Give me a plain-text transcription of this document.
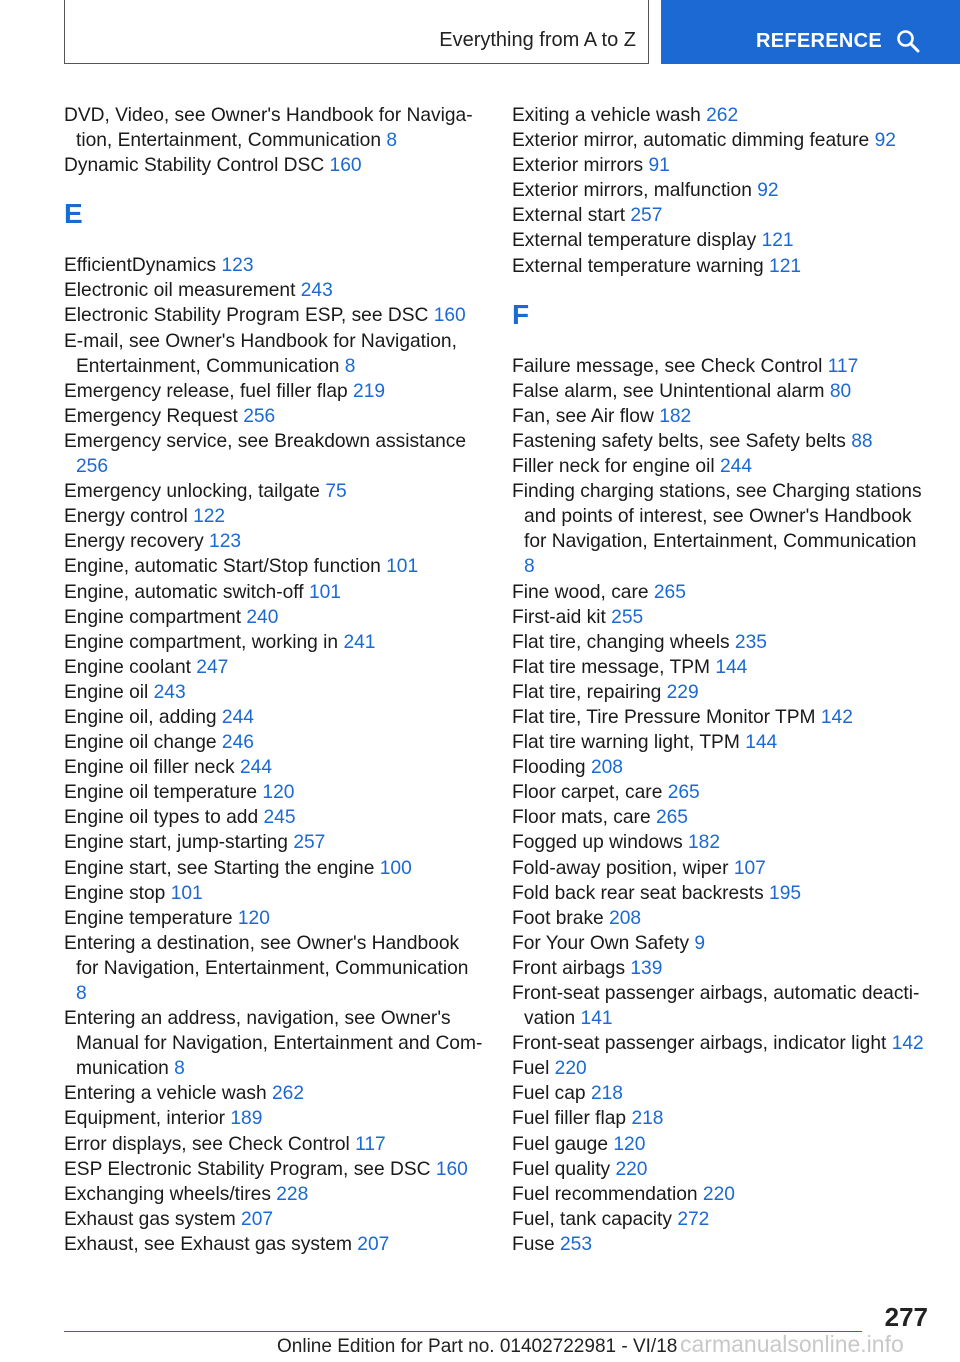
Everything from A to Z	REFERENCE
DVD, Video, see Owner's Handbook for Navigation, Entertainment, Communication 8
Dynamic Stability Control DSC 160
E
EfficientDynamics 123
Electronic oil measurement 243
Electronic Stability Program ESP, see DSC 160
E-mail, see Owner's Handbook for Navigation, Entertainment, Communication 8
Emergency release, fuel filler flap 219
Emergency Request 256
Emergency service, see Breakdown assistance 256
Emergency unlocking, tailgate 75
Energy control 122
Energy recovery 123
Engine, automatic Start/Stop function 101
Engine, automatic switch-off 101
Engine compartment 240
Engine compartment, working in 241
Engine coolant 247
Engine oil 243
Engine oil, adding 244
Engine oil change 246
Engine oil filler neck 244
Engine oil temperature 120
Engine oil types to add 245
Engine start, jump-starting 257
Engine start, see Starting the engine 100
Engine stop 101
Engine temperature 120
Entering a destination, see Owner's Handbook for Navigation, Entertainment, Communication 8
Entering an address, navigation, see Owner's Manual for Navigation, Entertainment and Communication 8
Entering a vehicle wash 262
Equipment, interior 189
Error displays, see Check Control 117
ESP Electronic Stability Program, see DSC 160
Exchanging wheels/tires 228
Exhaust gas system 207
Exhaust, see Exhaust gas system 207
Exiting a vehicle wash 262
Exterior mirror, automatic dimming feature 92
Exterior mirrors 91
Exterior mirrors, malfunction 92
External start 257
External temperature display 121
External temperature warning 121
F
Failure message, see Check Control 117
False alarm, see Unintentional alarm 80
Fan, see Air flow 182
Fastening safety belts, see Safety belts 88
Filler neck for engine oil 244
Finding charging stations, see Charging stations and points of interest, see Owner's Handbook for Navigation, Entertainment, Communication 8
Fine wood, care 265
First-aid kit 255
Flat tire, changing wheels 235
Flat tire message, TPM 144
Flat tire, repairing 229
Flat tire, Tire Pressure Monitor TPM 142
Flat tire warning light, TPM 144
Flooding 208
Floor carpet, care 265
Floor mats, care 265
Fogged up windows 182
Fold-away position, wiper 107
Fold back rear seat backrests 195
Foot brake 208
For Your Own Safety 9
Front airbags 139
Front-seat passenger airbags, automatic deactivation 141
Front-seat passenger airbags, indicator light 142
Fuel 220
Fuel cap 218
Fuel filler flap 218
Fuel gauge 120
Fuel quality 220
Fuel recommendation 220
Fuel, tank capacity 272
Fuse 253
277
Online Edition for Part no. 01402722981 - VI/18 carmanualsonline.info
